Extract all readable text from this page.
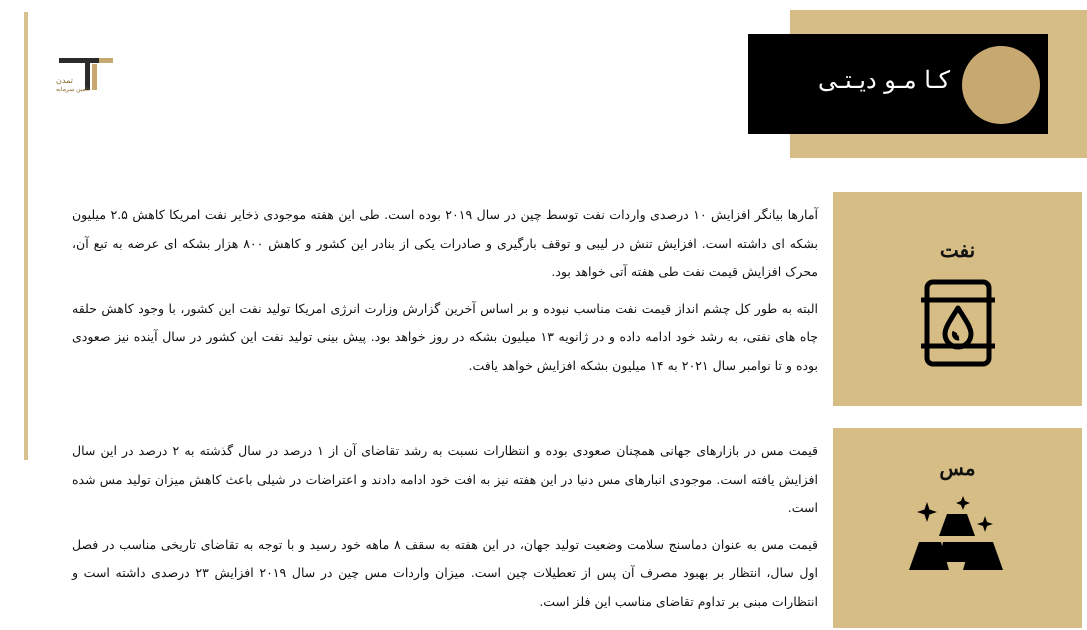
تمدن
تامین سرمایه	کـا مـو دیـتـی
نفت

آمارها بیانگر افزایش ۱۰ درصدی واردات نفت توسط چین در سال ۲۰۱۹ بوده است. طی این هفته موجودی ذخایر نفت امریکا کاهش ۲.۵ میلیون بشکه ای داشته است. افزایش تنش در لیبی و توقف بارگیری و صادرات یکی از بنادر این کشور و کاهش ۸۰۰ هزار بشکه ای عرضه به تبع آن، محرک افزایش قیمت نفت طی هفته آتی خواهد بود.

البته به طور کل چشم انداز قیمت نفت مناسب نبوده و بر اساس آخرین گزارش وزارت انرژی امریکا تولید نفت این کشور، با وجود کاهش حلقه چاه های نفتی، به رشد خود ادامه داده و در ژانویه ۱۳ میلیون بشکه در روز خواهد بود. پیش بینی تولید نفت این کشور در سال آینده نیز صعودی بوده و تا نوامبر سال ۲۰۲۱ به ۱۴ میلیون بشکه افزایش خواهد یافت.

مس

قیمت مس در بازارهای جهانی همچنان صعودی بوده و انتظارات نسبت به رشد تقاضای آن از ۱ درصد در سال گذشته به ۲ درصد در این سال افزایش یافته است. موجودی انبارهای مس دنیا در این هفته نیز به افت خود ادامه دادند و اعتراضات در شیلی باعث کاهش میزان تولید مس شده است.

قیمت مس به عنوان دماسنج سلامت وضعیت تولید جهان، در این هفته به سقف ۸ ماهه خود رسید و با توجه به تقاضای تاریخی مناسب در فصل اول سال، انتظار بر بهبود مصرف آن پس از تعطیلات چین است. میزان واردات مس چین در سال ۲۰۱۹ افزایش ۲۳ درصدی داشته است و انتظارات مبنی بر تداوم تقاضای مناسب این فلز است.
